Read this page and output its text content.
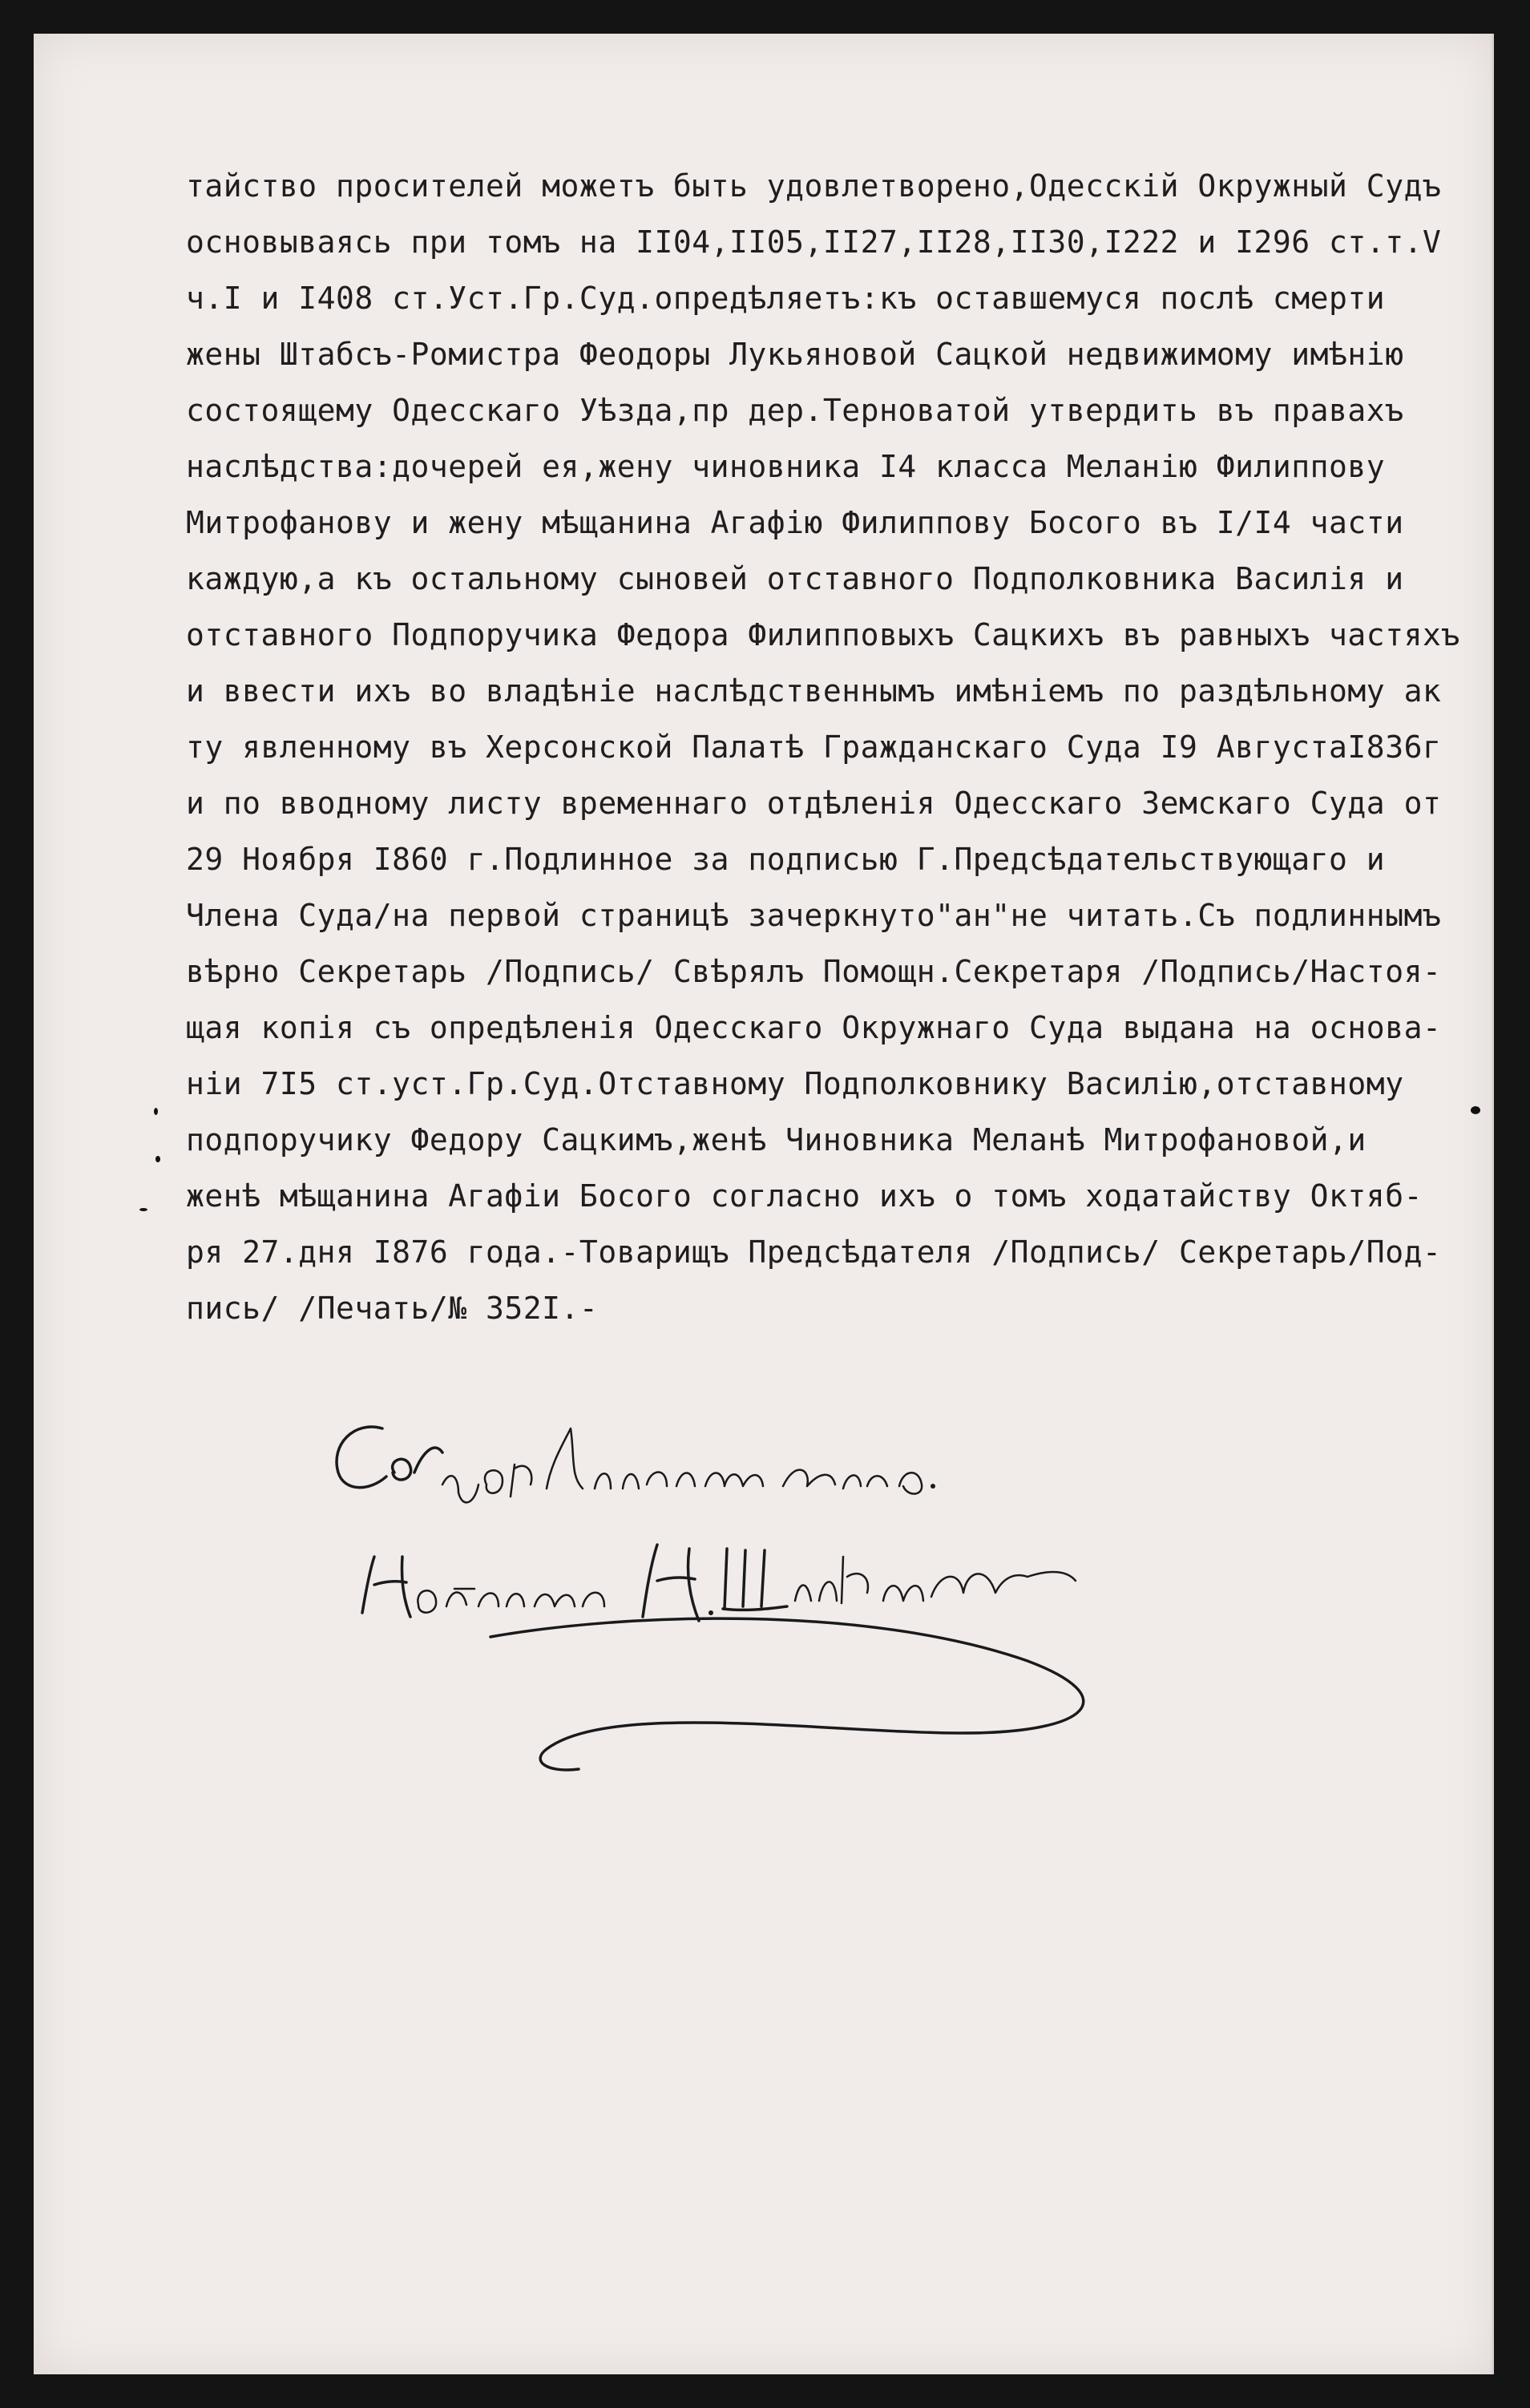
тайство просителей можетъ быть удовлетворено,Одесскій Окружный Судъ
основываясь при томъ на II04,II05,II27,II28,II30,I222 и I296 ст.т.V
ч.I и I408 ст.Уст.Гр.Суд.опредѣляетъ:къ оставшемуся послѣ смерти
жены Штабсъ-Ромистра Феодоры Лукьяновой Сацкой недвижимому имѣнію
состоящему Одесскаго Уѣзда,пр дер.Терноватой утвердить въ правахъ
наслѣдства:дочерей ея,жену чиновника I4 класса Меланію Филиппову
Митрофанову и жену мѣщанина Агафію Филиппову Босого въ I/I4 части
каждую,а къ остальному сыновей отставного Подполковника Василія и
отставного Подпоручика Федора Филипповыхъ Сацкихъ въ равныхъ частяхъ
и ввести ихъ во владѣніе наслѣдственнымъ имѣніемъ по раздѣльному ак
ту явленному въ Херсонской Палатѣ Гражданскаго Суда I9 АвгустаI836г
и по вводному листу временнаго отдѣленія Одесскаго Земскаго Суда от
29 Ноября I860 г.Подлинное за подписью Г.Предсѣдательствующаго и
Члена Суда/на первой страницѣ зачеркнуто"ан"не читать.Съ подлиннымъ
вѣрно Секретарь /Подпись/ Свѣрялъ Помощн.Секретаря /Подпись/Настоя-
щая копія съ опредѣленія Одесскаго Окружнаго Суда выдана на основа-
ніи 7I5 ст.уст.Гр.Суд.Отставному Подполковнику Василію,отставному
подпоручику Федору Сацкимъ,женѣ Чиновника Меланѣ Митрофановой,и
женѣ мѣщанина Агафіи Босого согласно ихъ о томъ ходатайству Октяб-
ря 27.дня I876 года.-Товарищъ Предсѣдателя /Подпись/ Секретарь/Под-
пись/ /Печать/№ 352I.-
